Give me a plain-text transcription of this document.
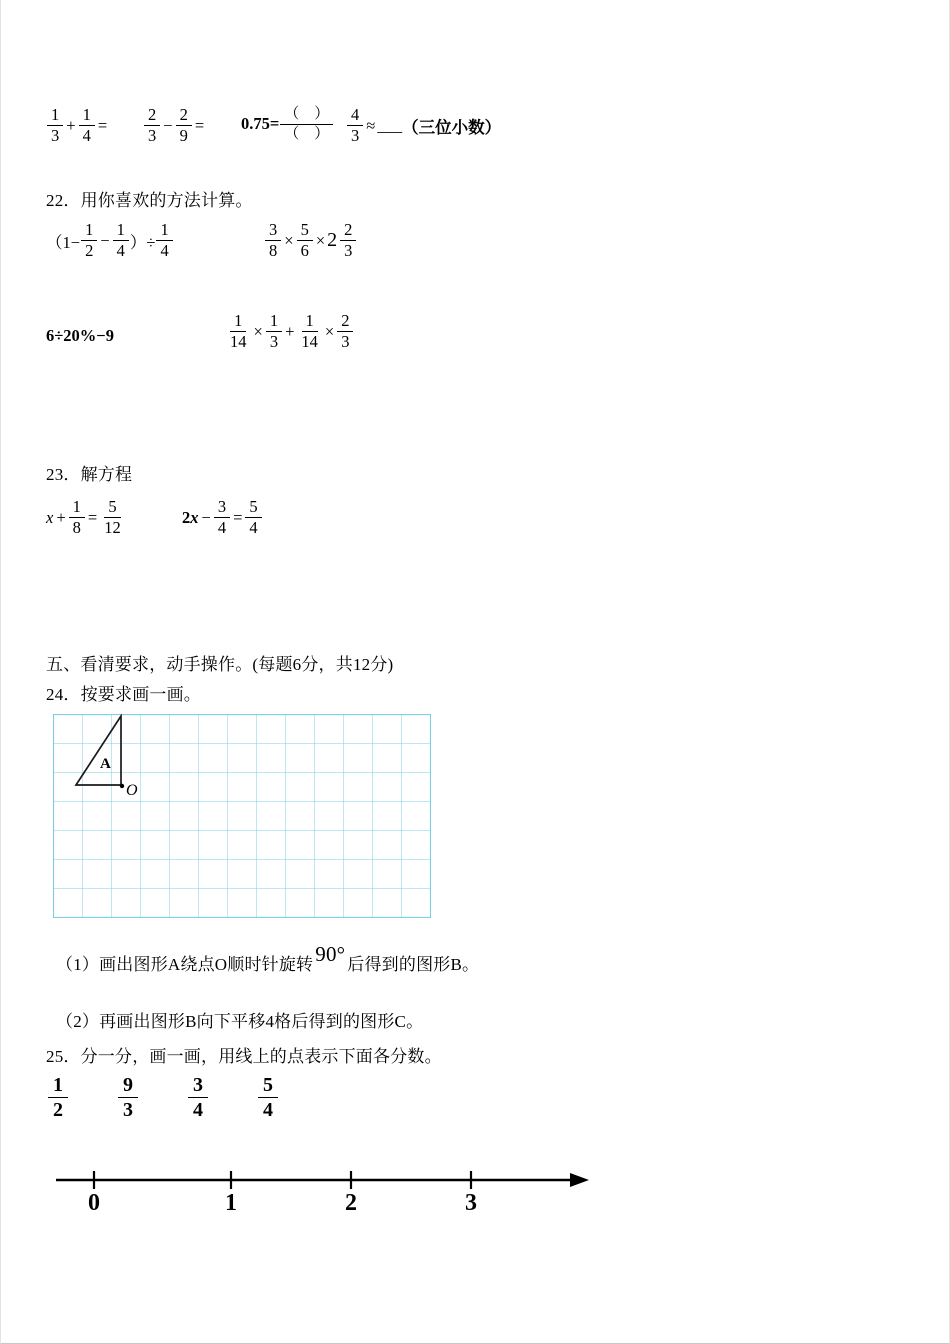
$\frac{1}{3} + \frac{1}{4} = \frac{2}{3} - \frac{2}{9} = 0.75= \frac{( )}{( )} \frac{4}{3}$ ≈ ___ （三位小数）
22．用你喜欢的方法计算。
（$1- \frac{1}{2} - \frac{1}{4}$ ）÷ $\frac{1}{4}$	$\frac{3}{8} \times \frac{5}{6} \times 2 \frac{2}{3}$
6÷20%−9	$\frac{1}{14} \times \frac{1}{3} + \frac{1}{14} \times \frac{2}{3}$
23．解方程
$x + \frac{1}{8} = \frac{5}{12}$	2 $x - \frac{3}{4} = \frac{5}{4}$
五、看清要求，动手操作。(每题6分，共12分)
24．按要求画一画。
A
O
（1）画出图形A绕点O顺时针旋转90° 后得到的图形B。
（2）再画出图形B向下平移4格后得到的图形C。
25．分一分，画一画，用线上的点表示下面各分数。
$\frac{1}{2}$	$\frac{9}{3}$	$\frac{3}{4}$	$\frac{5}{4}$
0	1	2	3
